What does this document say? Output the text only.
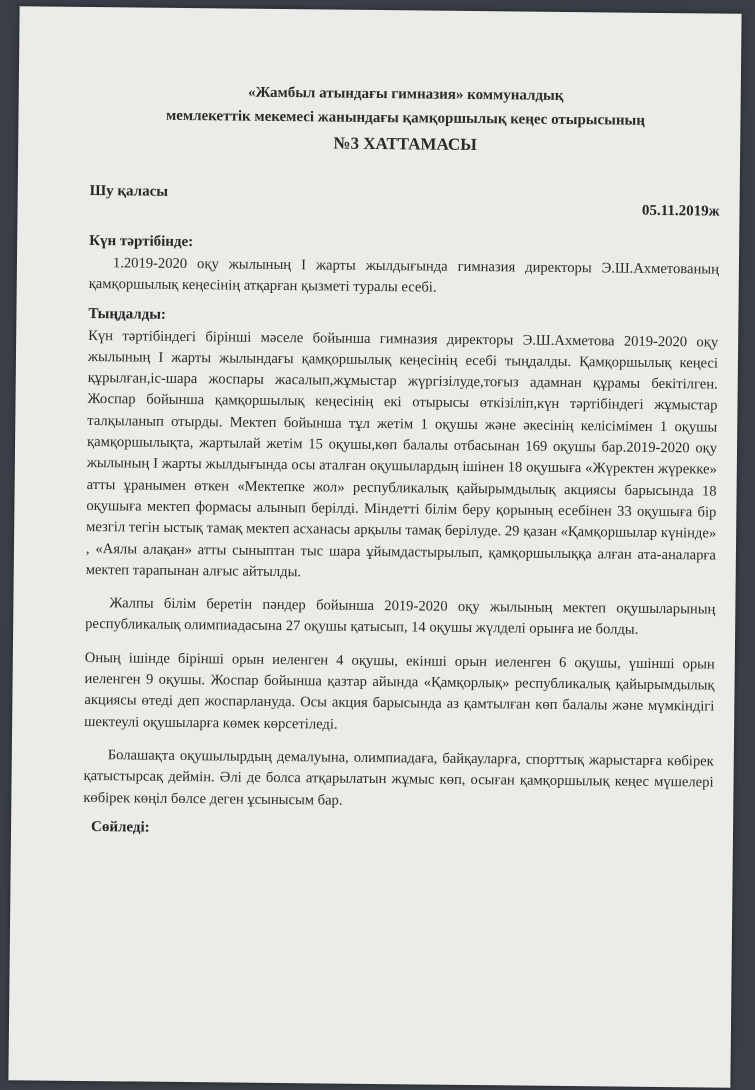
«Жамбыл атындағы гимназия» коммуналдық

мемлекеттік мекемесі жанындағы қамқоршылық кеңес отырысының

№3 ХАТТАМАСЫ

Шу қаласы
05.11.2019ж
Күн тәртібінде:

1.2019-2020 оқу жылының I жарты жылдығында гимназия директоры Э.Ш.Ахметованың қамқоршылық кеңесінің атқарған қызметі туралы есебі.

Тыңдалды:

Күн тәртібіндегі бірінші мәселе бойынша гимназия директоры Э.Ш.Ахметова 2019-2020 оқу жылының I жарты жылындағы қамқоршылық кеңесінің есебі тыңдалды. Қамқоршылық кеңесі құрылған,іс-шара жоспары жасалып,жұмыстар жүргізілуде,тоғыз адамнан құрамы бекітілген. Жоспар бойынша қамқоршылық кеңесінің екі отырысы өткізіліп,күн тәртібіндегі жұмыстар талқыланып отырды. Мектеп бойынша тұл жетім 1 оқушы және әкесінің келісімімен 1 оқушы қамқоршылықта, жартылай жетім 15 оқушы,көп балалы отбасынан 169 оқушы бар.2019-2020 оқу жылының I жарты жылдығында осы аталған оқушылардың ішінен 18 оқушыға «Жүректен жүрекке» атты ұранымен өткен «Мектепке жол» республикалық қайырымдылық акциясы барысында 18 оқушыға мектеп формасы алынып берілді. Міндетті білім беру қорының есебінен 33 оқушыға бір мезгіл тегін ыстық тамақ мектеп асханасы арқылы тамақ берілуде. 29 қазан «Қамқоршылар күнінде» , «Аялы алақан» атты сыныптан тыс шара ұйымдастырылып, қамқоршылыққа алған ата-аналарға мектеп тарапынан алғыс айтылды.

Жалпы білім беретін пәндер бойынша 2019-2020 оқу жылының мектеп оқушыларының республикалық олимпиадасына 27 оқушы қатысып, 14 оқушы жүлделі орынға ие болды.

Оның ішінде бірінші орын иеленген 4 оқушы, екінші орын иеленген 6 оқушы, үшінші орын иеленген 9 оқушы. Жоспар бойынша қазтар айында «Қамқорлық» республикалық қайырымдылық акциясы өтеді деп жоспарлануда. Осы акция барысында аз қамтылған көп балалы және мүмкіндігі шектеулі оқушыларға көмек көрсетіледі.

Болашақта оқушылырдың демалуына, олимпиадаға, байқауларға, спорттық жарыстарға көбірек қатыстырсақ деймін. Әлі де болса атқарылатын жұмыс көп, осыған қамқоршылық кеңес мүшелері көбірек көңіл бөлсе деген ұсынысым бар.

Сөйледі:
